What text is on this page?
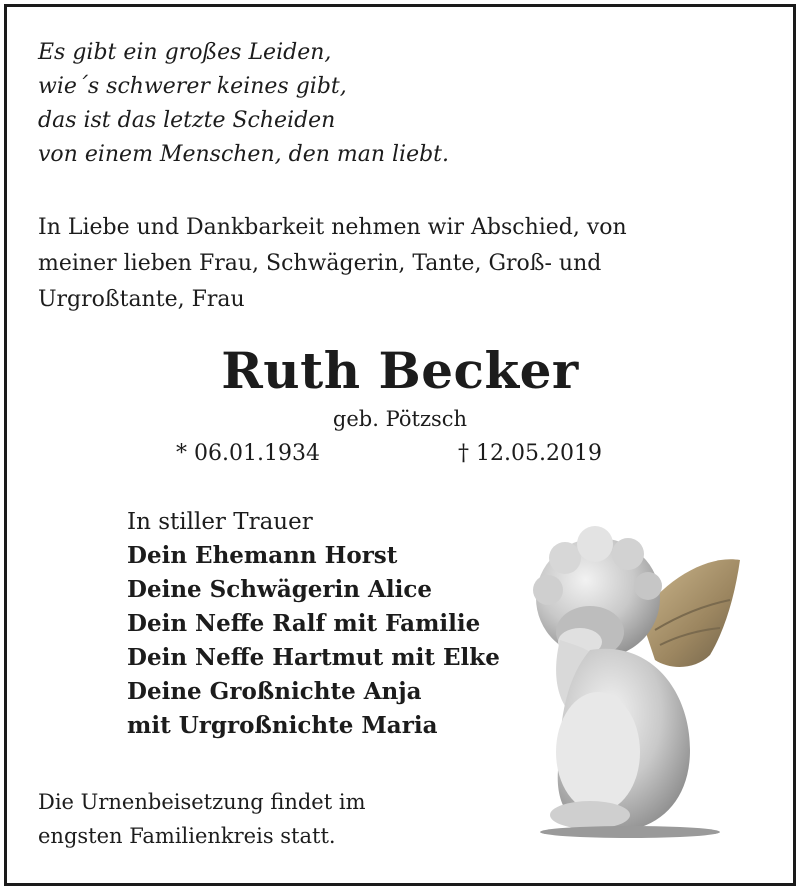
Es gibt ein großes Leiden,
wie´s schwerer keines gibt,
das ist das letzte Scheiden
von einem Menschen, den man liebt.
In Liebe und Dankbarkeit nehmen wir Abschied, von
meiner lieben Frau, Schwägerin, Tante, Groß- und
Urgroßtante, Frau
Ruth Becker
geb. Pötzsch
* 06.01.1934	† 12.05.2019
In stiller Trauer
Dein Ehemann Horst
Deine Schwägerin Alice
Dein Neffe Ralf mit Familie
Dein Neffe Hartmut mit Elke
Deine Großnichte Anja
mit Urgroßnichte Maria
Die Urnenbeisetzung findet im
engsten Familienkreis statt.
